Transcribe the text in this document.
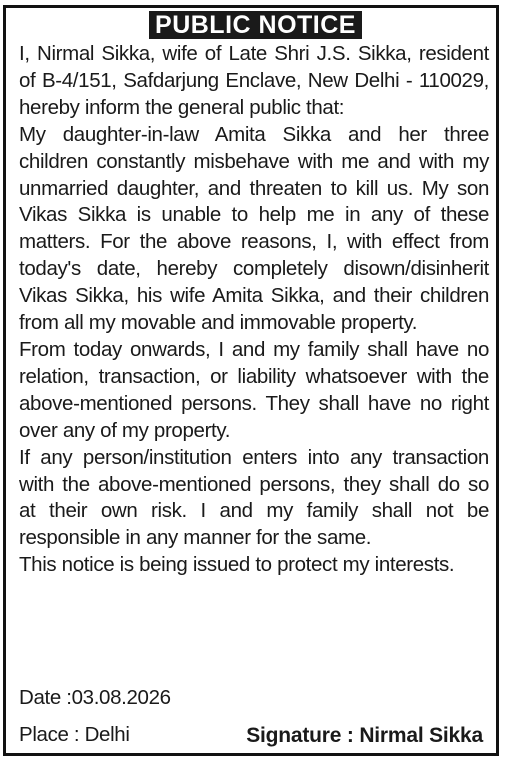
PUBLIC NOTICE

I, Nirmal Sikka, wife of Late Shri J.S. Sikka, resident of B-4/151, Safdarjung Enclave, New Delhi - 110029, hereby inform the general public that:

My daughter-in-law Amita Sikka and her three children constantly misbehave with me and with my unmarried daughter, and threaten to kill us. My son Vikas Sikka is unable to help me in any of these matters. For the above reasons, I, with effect from today's date, hereby completely disown/disinherit Vikas Sikka, his wife Amita Sikka, and their children from all my movable and immovable property.

From today onwards, I and my family shall have no relation, transaction, or liability whatsoever with the above-mentioned persons. They shall have no right over any of my property.

If any person/institution enters into any transaction with the above-mentioned persons, they shall do so at their own risk. I and my family shall not be responsible in any manner for the same.

This notice is being issued to protect my interests.

Date :03.08.2026
Place : Delhi	Signature : Nirmal Sikka
